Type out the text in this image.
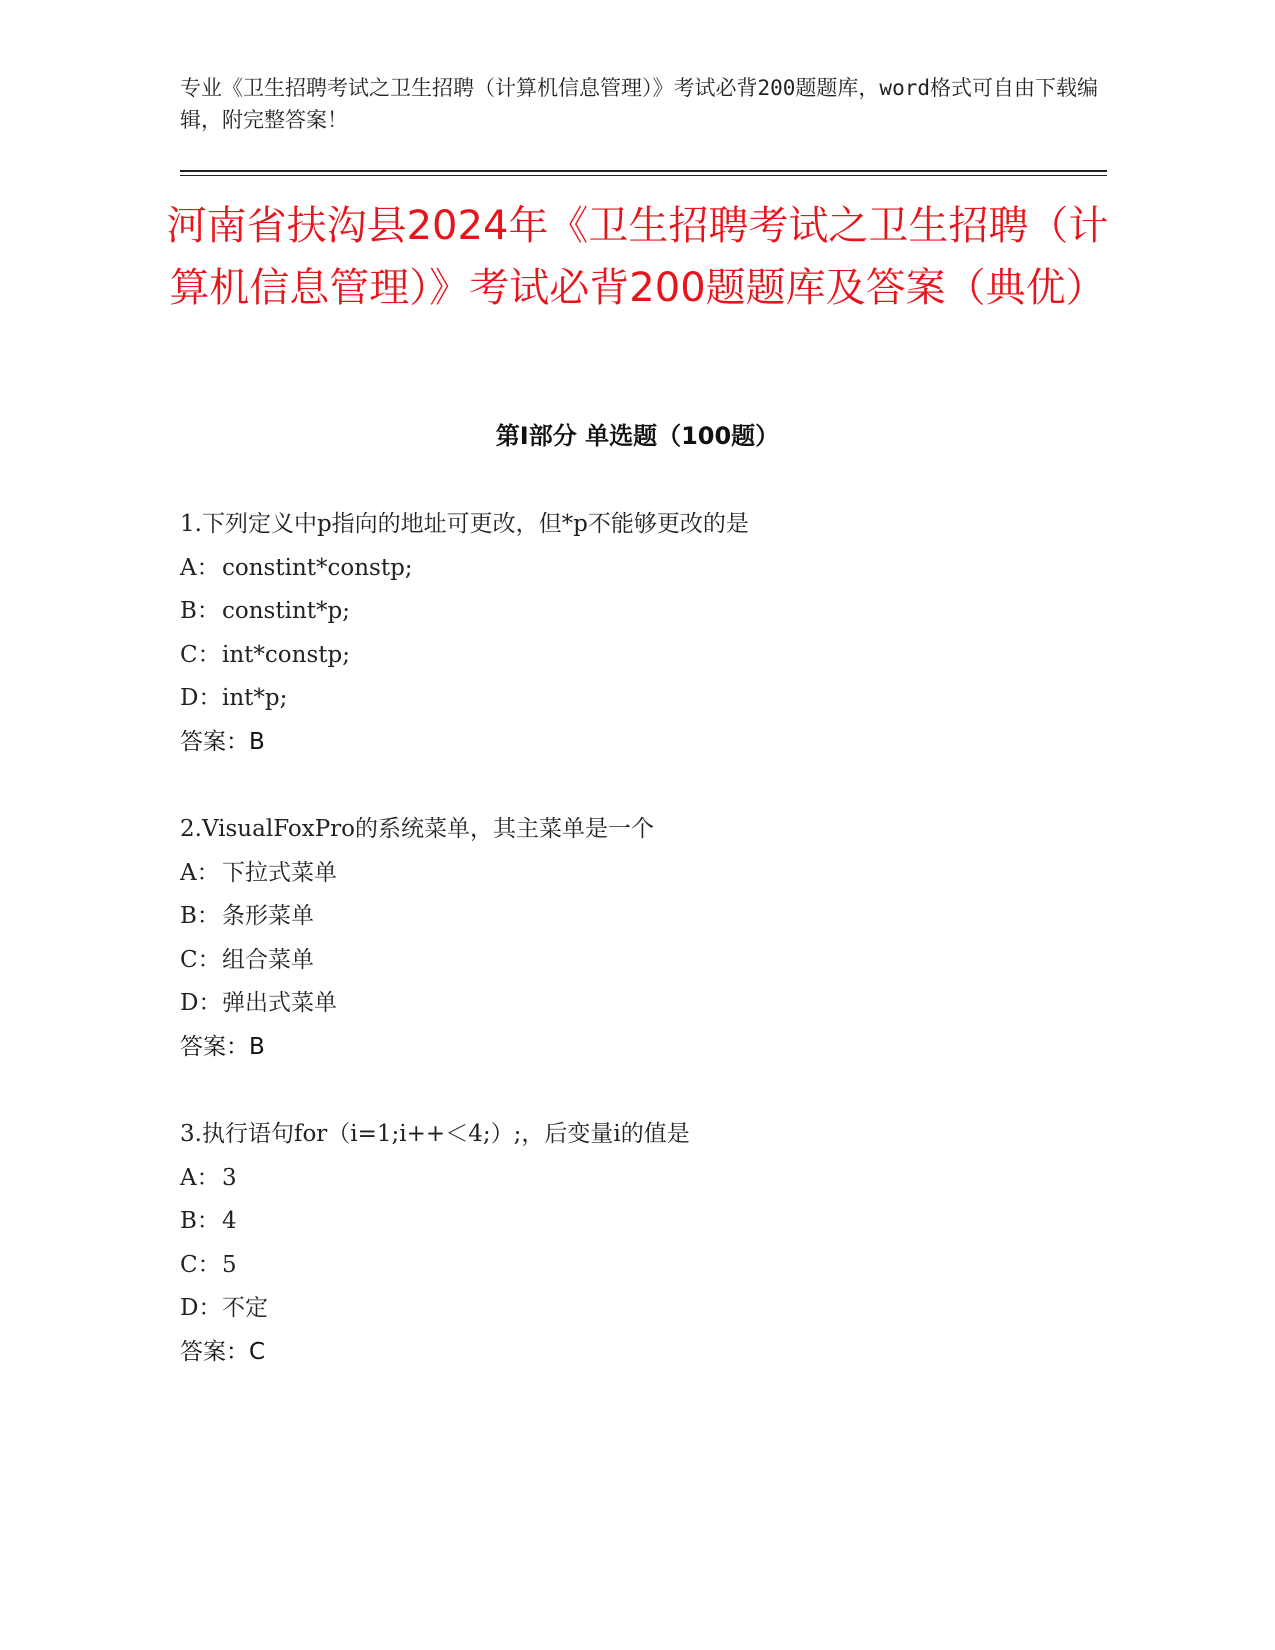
专业《卫生招聘考试之卫生招聘（计算机信息管理）》考试必背200题题库，word格式可自由下载编辑，附完整答案！
河南省扶沟县2024年《卫生招聘考试之卫生招聘（计算机信息管理）》考试必背200题题库及答案（典优）
第Ⅰ部分 单选题（100题）
1.下列定义中p指向的地址可更改，但*p不能够更改的是
A： constint*constp;
B：constint*p;
C：int*constp;
D：int*p;
答案：B
2.VisualFoxPro的系统菜单，其主菜单是一个
A： 下拉式菜单
B：条形菜单
C：组合菜单
D：弹出式菜单
答案：B
3.执行语句for（i=1;i++＜4;）;，后变量i的值是
A： 3
B：4
C：5
D：不定
答案：C
